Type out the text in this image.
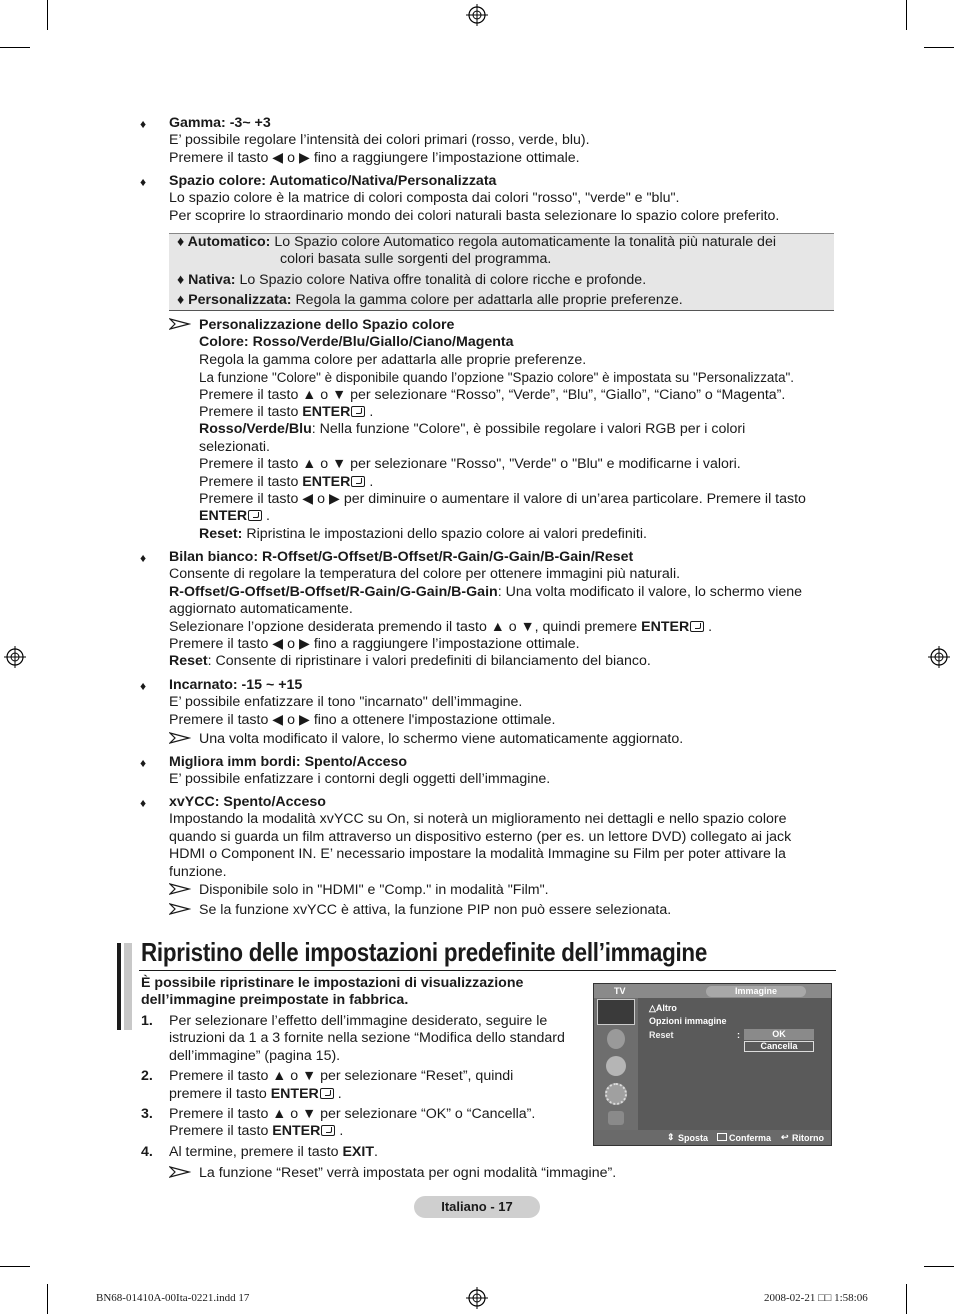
♦ Gamma: -3~ +3
E’ possibile regolare l’intensità dei colori primari (rosso, verde, blu).
Premere il tasto ◀ o ▶ fino a raggiungere l’impostazione ottimale.
♦ Spazio colore: Automatico/Nativa/Personalizzata
Lo spazio colore è la matrice di colori composta dai colori "rosso", "verde" e "blu".
Per scoprire lo straordinario mondo dei colori naturali basta selezionare lo spazio colore preferito.
♦ Automatico: Lo Spazio colore Automatico regola automaticamente la tonalità più naturale dei
colori basata sulle sorgenti del programma.
♦ Nativa: Lo Spazio colore Nativa offre tonalità di colore ricche e profonde.
♦ Personalizzata: Regola la gamma colore per adattarla alle proprie preferenze.
Personalizzazione dello Spazio colore
Colore: Rosso/Verde/Blu/Giallo/Ciano/Magenta
Regola la gamma colore per adattarla alle proprie preferenze.
La funzione "Colore" è disponibile quando l’opzione "Spazio colore" è impostata su "Personalizzata".
Premere il tasto ▲ o ▼ per selezionare “Rosso”, “Verde”, “Blu”, “Giallo”, “Ciano” o “Magenta”.
Premere il tasto ENTER .
Rosso/Verde/Blu: Nella funzione "Colore", è possibile regolare i valori RGB per i colori
selezionati.
Premere il tasto ▲ o ▼ per selezionare "Rosso", "Verde" o "Blu" e modificarne i valori.
Premere il tasto ENTER .
Premere il tasto ◀ o ▶ per diminuire o aumentare il valore di un’area particolare. Premere il tasto
ENTER .
Reset: Ripristina le impostazioni dello spazio colore ai valori predefiniti.
♦ Bilan bianco: R-Offset/G-Offset/B-Offset/R-Gain/G-Gain/B-Gain/Reset
Consente di regolare la temperatura del colore per ottenere immagini più naturali.
R-Offset/G-Offset/B-Offset/R-Gain/G-Gain/B-Gain: Una volta modificato il valore, lo schermo viene
aggiornato automaticamente.
Selezionare l’opzione desiderata premendo il tasto ▲ o ▼, quindi premere ENTER .
Premere il tasto ◀ o ▶ fino a raggiungere l’impostazione ottimale.
Reset: Consente di ripristinare i valori predefiniti di bilanciamento del bianco.
♦ Incarnato: -15 ~ +15
E’ possibile enfatizzare il tono "incarnato" dell’immagine.
Premere il tasto ◀ o ▶ fino a ottenere l'impostazione ottimale.
Una volta modificato il valore, lo schermo viene automaticamente aggiornato.
♦ Migliora imm bordi: Spento/Acceso
E’ possibile enfatizzare i contorni degli oggetti dell’immagine.
♦ xvYCC: Spento/Acceso
Impostando la modalità xvYCC su On, si noterà un miglioramento nei dettagli e nello spazio colore
quando si guarda un film attraverso un dispositivo esterno (per es. un lettore DVD) collegato ai jack
HDMI o Component IN. E’ necessario impostare la modalità Immagine su Film per poter attivare la
funzione.
Disponibile solo in "HDMI" e "Comp." in modalità "Film".
Se la funzione xvYCC è attiva, la funzione PIP non può essere selezionata.
Ripristino delle impostazioni predefinite dell’immagine
È possibile ripristinare le impostazioni di visualizzazione
dell’immagine preimpostate in fabbrica.
1.	Per selezionare l’effetto dell’immagine desiderato, seguire le
istruzioni da 1 a 3 fornite nella sezione “Modifica dello standard
dell’immagine” (pagina 15).
2.	Premere il tasto ▲ o ▼ per selezionare “Reset”, quindi
premere il tasto ENTER .
3.	Premere il tasto ▲ o ▼ per selezionare “OK” o “Cancella”.
Premere il tasto ENTER .
4.	Al termine, premere il tasto EXIT.
La funzione “Reset” verrà impostata per ogni modalità “immagine”.
TV	Immagine
△Altro
Opzioni immagine
Reset	:	OK
Cancella
⇕ Sposta Conferma ↩ Ritorno
Italiano - 17
BN68-01410A-00Ita-0221.indd 17	2008-02-21 □□ 1:58:06
